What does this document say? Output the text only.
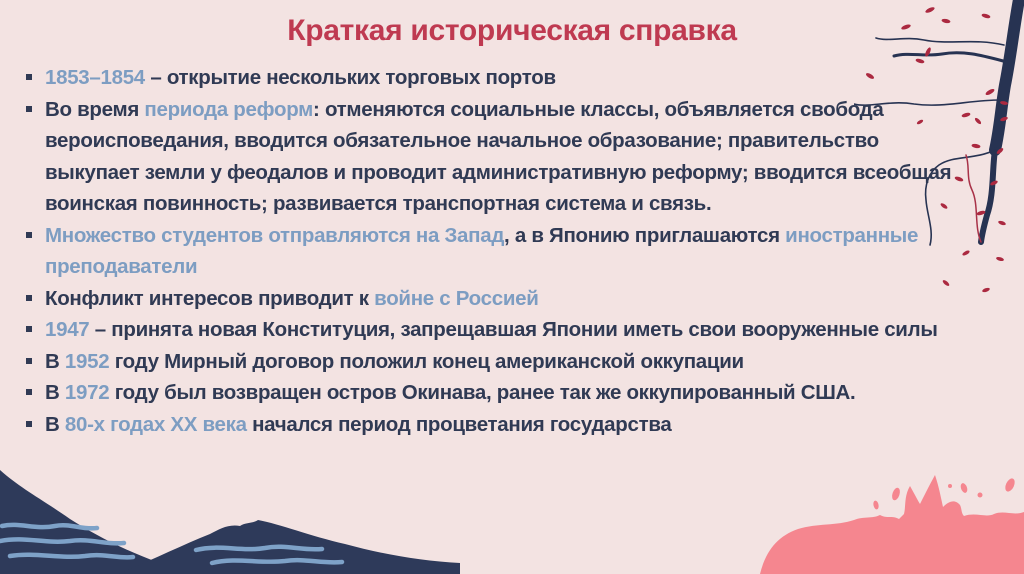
Краткая историческая справка
1853–1854 – открытие нескольких торговых портов
Во время периода реформ: отменяются социальные классы, объявляется свобода вероисповедания, вводится обязательное начальное образование; правительство выкупает земли у феодалов и проводит административную реформу; вводится всеобщая воинская повинность; развивается транспортная система и связь.
Множество студентов отправляются на Запад, а в Японию приглашаются иностранные преподаватели
Конфликт интересов приводит к войне с Россией
1947 – принята новая Конституция, запрещавшая Японии иметь свои вооруженные силы
В 1952 году Мирный договор положил конец американской оккупации
В 1972 году был возвращен остров Окинава, ранее так же оккупированный США.
В 80-х годах XX века начался период процветания государства
